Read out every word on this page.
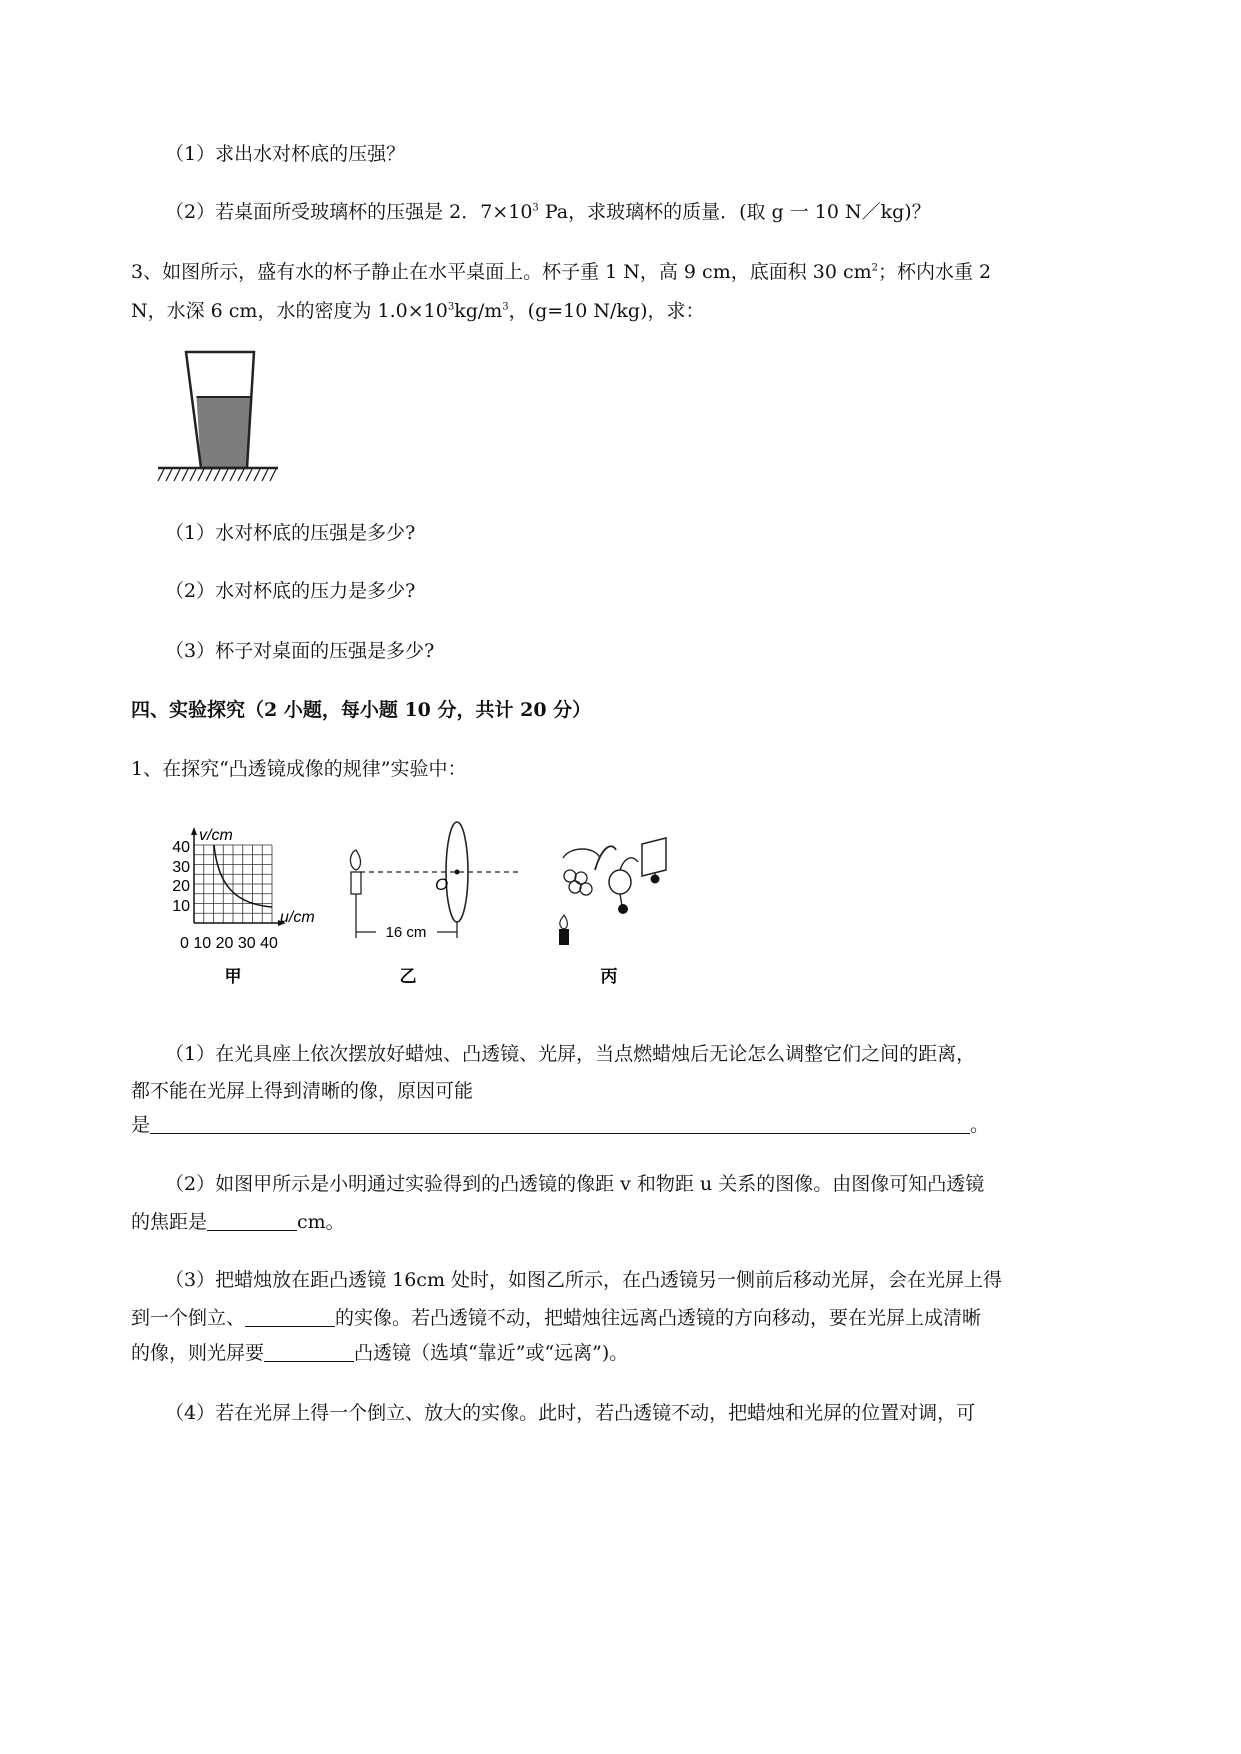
（1）求出水对杯底的压强？
（2）若桌面所受玻璃杯的压强是 2．$7\times 10^3$ Pa，求玻璃杯的质量．(取 g 一 10 N／kg)？
3、如图所示，盛有水的杯子静止在水平桌面上。杯子重 1 N，高 9 cm，底面积 30 $cm^2$；杯内水重 2
N，水深 6 cm，水的密度为 $1.0\times 10^3kg/m^3$，(g=10 N/kg)，求：
（1）水对杯底的压强是多少?
（2）水对杯底的压力是多少?
（3）杯子对桌面的压强是多少?
四、实验探究（2 小题，每小题 10 分，共计 20 分）
1、在探究“凸透镜成像的规律”实验中：
v/cm
40
30
20
10
u/cm
0 10 20 30 40
甲
O
16 cm
乙	丙
（1）在光具座上依次摆放好蜡烛、凸透镜、光屏，当点燃蜡烛后无论怎么调整它们之间的距离，
都不能在光屏上得到清晰的像，原因可能
是	。
（2）如图甲所示是小明通过实验得到的凸透镜的像距 v 和物距 u 关系的图像。由图像可知凸透镜
的焦距是	cm。
（3）把蜡烛放在距凸透镜 16cm 处时，如图乙所示，在凸透镜另一侧前后移动光屏，会在光屏上得
到一个倒立、	的实像。若凸透镜不动，把蜡烛往远离凸透镜的方向移动，要在光屏上成清晰
的像，则光屏要	凸透镜（选填“靠近”或“远离”)。
（4）若在光屏上得一个倒立、放大的实像。此时，若凸透镜不动，把蜡烛和光屏的位置对调，可
